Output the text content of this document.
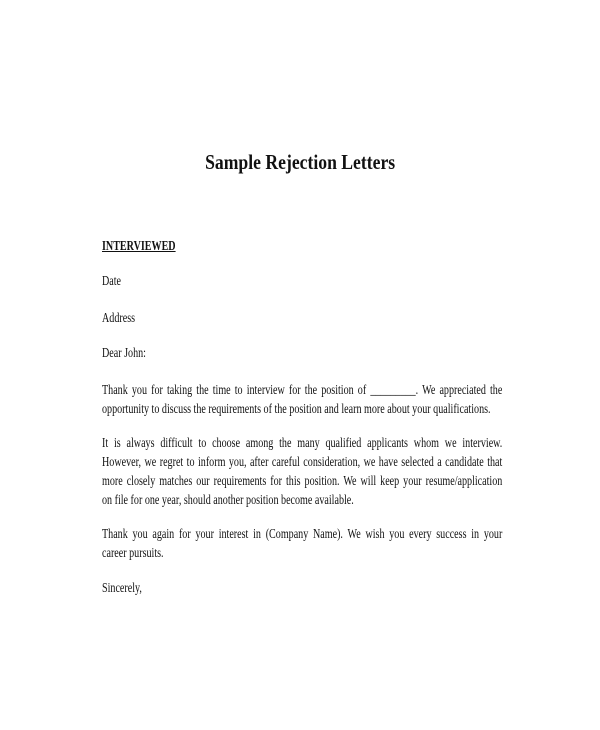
Sample Rejection Letters
INTERVIEWED
Date
Address
Dear John:
Thank you for taking the time to interview for the position of _________. We appreciated the
opportunity to discuss the requirements of the position and learn more about your qualifications.
It is always difficult to choose among the many qualified applicants whom we interview.
However, we regret to inform you, after careful consideration, we have selected a candidate that
more closely matches our requirements for this position. We will keep your resume/application
on file for one year, should another position become available.
Thank you again for your interest in (Company Name). We wish you every success in your
career pursuits.
Sincerely,
